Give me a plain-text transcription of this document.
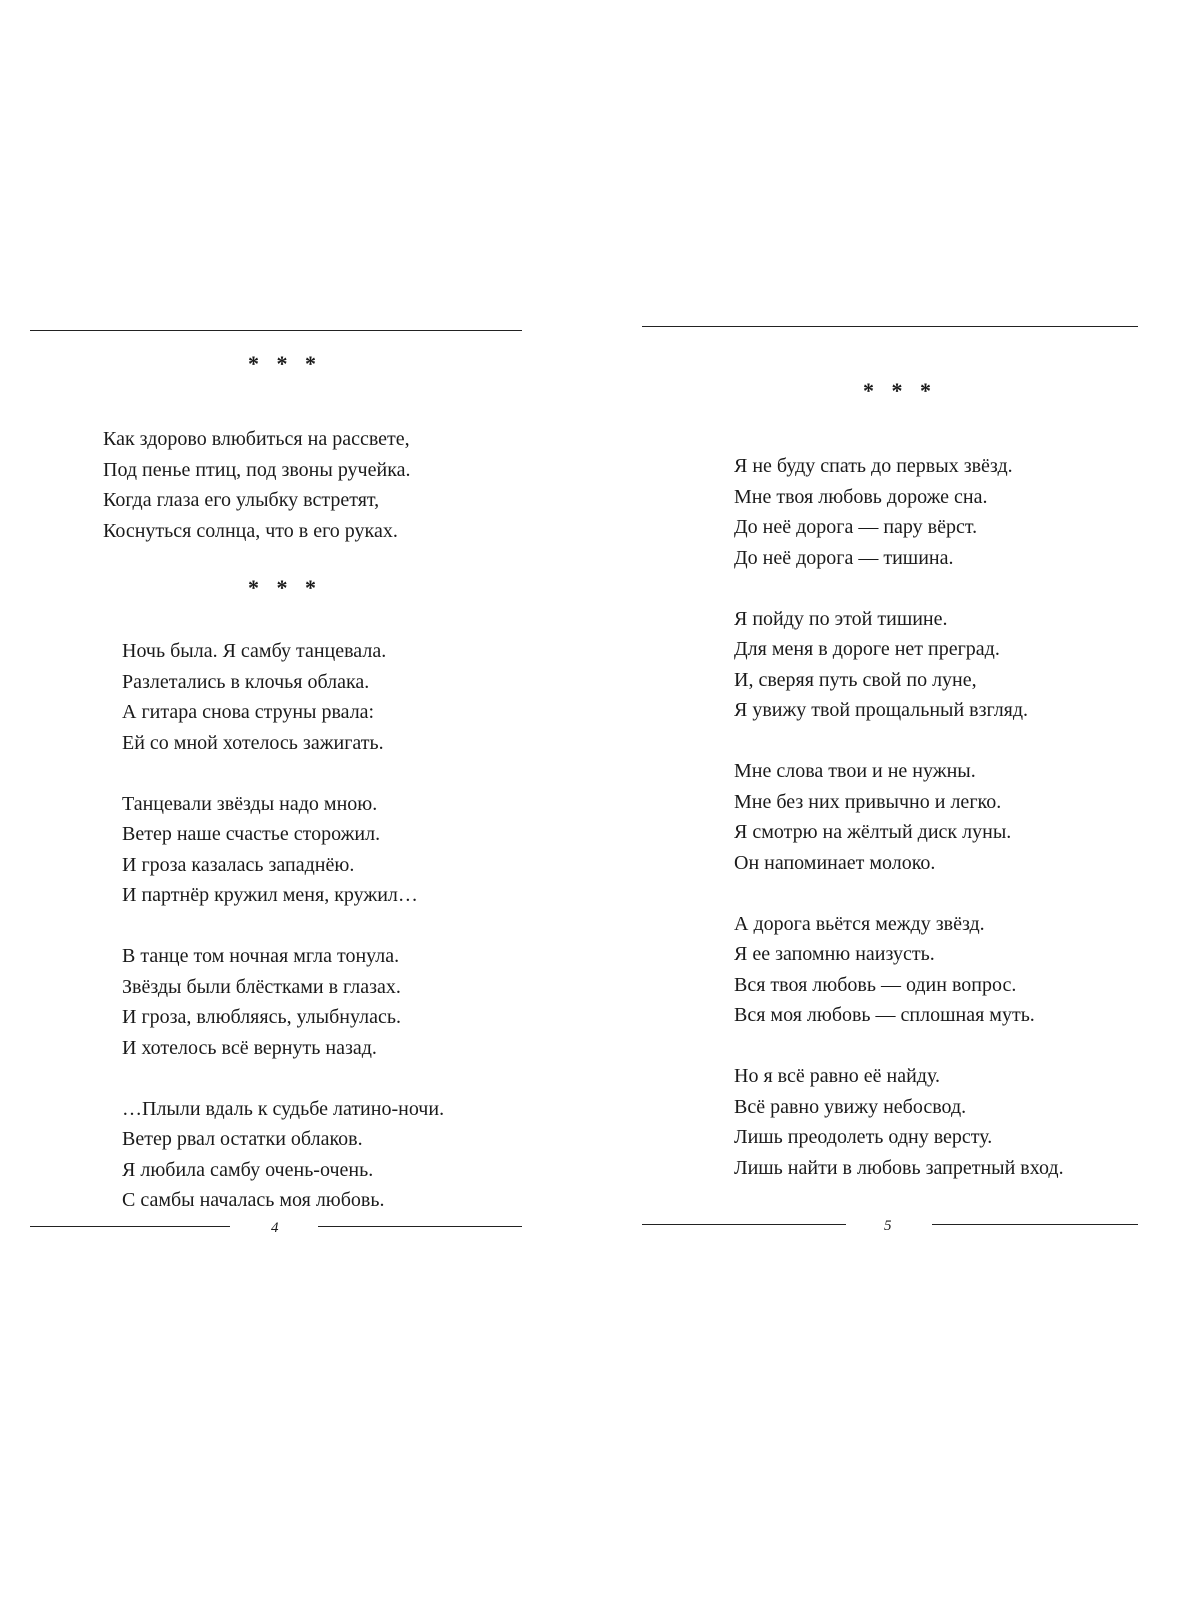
* * *
Как здорово влюбиться на рассвете,
Под пенье птиц, под звоны ручейка.
Когда глаза его улыбку встретят,
Коснуться солнца, что в его руках.
* * *
Ночь была. Я самбу танцевала.
Разлетались в клочья облака.
А гитара снова струны рвала:
Ей со мной хотелось зажигать.
Танцевали звёзды надо мною.
Ветер наше счастье сторожил.
И гроза казалась западнёю.
И партнёр кружил меня, кружил…
В танце том ночная мгла тонула.
Звёзды были блёстками в глазах.
И гроза, влюбляясь, улыбнулась.
И хотелось всё вернуть назад.
…Плыли вдаль к судьбе латино-ночи.
Ветер рвал остатки облаков.
Я любила самбу очень-очень.
С самбы началась моя любовь.
4
* * *
Я не буду спать до первых звёзд.
Мне твоя любовь дороже сна.
До неё дорога — пару вёрст.
До неё дорога — тишина.
Я пойду по этой тишине.
Для меня в дороге нет преград.
И, сверяя путь свой по луне,
Я увижу твой прощальный взгляд.
Мне слова твои и не нужны.
Мне без них привычно и легко.
Я смотрю на жёлтый диск луны.
Он напоминает молоко.
А дорога вьётся между звёзд.
Я ее запомню наизусть.
Вся твоя любовь — один вопрос.
Вся моя любовь — сплошная муть.
Но я всё равно её найду.
Всё равно увижу небосвод.
Лишь преодолеть одну версту.
Лишь найти в любовь запретный вход.
5
